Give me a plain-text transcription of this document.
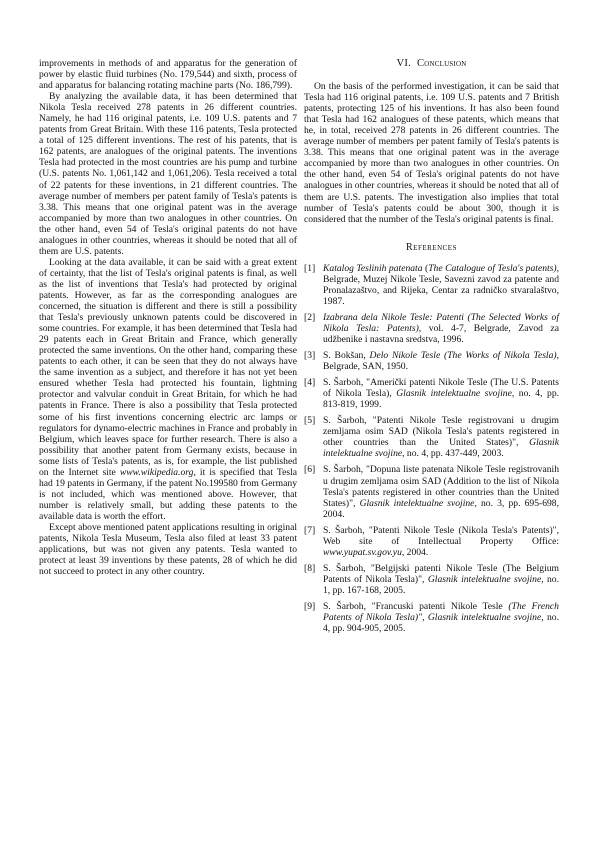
improvements in methods of and apparatus for the generation of power by elastic fluid turbines (No. 179,544) and sixth, process of and apparatus for balancing rotating machine parts (No. 186,799).

By analyzing the available data, it has been determined that Nikola Tesla received 278 patents in 26 different countries. Namely, he had 116 original patents, i.e. 109 U.S. patents and 7 patents from Great Britain. With these 116 patents, Tesla protected a total of 125 different inventions. The rest of his patents, that is 162 patents, are analogues of the original patents. The inventions Tesla had protected in the most countries are his pump and turbine (U.S. patents No. 1,061,142 and 1,061,206). Tesla received a total of 22 patents for these inventions, in 21 different countries. The average number of members per patent family of Tesla's patents is 3.38. This means that one original patent was in the average accompanied by more than two analogues in other countries. On the other hand, even 54 of Tesla's original patents do not have analogues in other countries, whereas it should be noted that all of them are U.S. patents.

Looking at the data available, it can be said with a great extent of certainty, that the list of Tesla's original patents is final, as well as the list of inventions that Tesla's had protected by original patents. However, as far as the corresponding analogues are concerned, the situation is different and there is still a possibility that Tesla's previously unknown patents could be discovered in some countries. For example, it has been determined that Tesla had 29 patents each in Great Britain and France, which generally protected the same inventions. On the other hand, comparing these patents to each other, it can be seen that they do not always have the same invention as a subject, and therefore it has not yet been ensured whether Tesla had protected his fountain, lightning protector and valvular conduit in Great Britain, for which he had patents in France. There is also a possibility that Tesla protected some of his first inventions concerning electric arc lamps or regulators for dynamo-electric machines in France and probably in Belgium, which leaves space for further research. There is also a possibility that another patent from Germany exists, because in some lists of Tesla's patents, as is, for example, the list published on the Internet site www.wikipedia.org, it is specified that Tesla had 19 patents in Germany, if the patent No.199580 from Germany is not included, which was mentioned above. However, that number is relatively small, but adding these patents to the available data is worth the effort.

Except above mentioned patent applications resulting in original patents, Nikola Tesla Museum, Tesla also filed at least 33 patent applications, but was not given any patents. Tesla wanted to protect at least 39 inventions by these patents, 28 of which he did not succeed to protect in any other country.

VI. Conclusion

On the basis of the performed investigation, it can be said that Tesla had 116 original patents, i.e. 109 U.S. patents and 7 British patents, protecting 125 of his inventions. It has also been found that Tesla had 162 analogues of these patents, which means that he, in total, received 278 patents in 26 different countries. The average number of members per patent family of Tesla's patents is 3.38. This means that one original patent was in the average accompanied by more than two analogues in other countries. On the other hand, even 54 of Tesla's original patents do not have analogues in other countries, whereas it should be noted that all of them are U.S. patents. The investigation also implies that total number of Tesla's patents could be about 300, though it is considered that the number of the Tesla's original patents is final.

References
[1] Katalog Teslinih patenata (The Catalogue of Tesla's patents), Belgrade, Muzej Nikole Tesle, Savezni zavod za patente and Pronalazaštvo, and Rijeka, Centar za radničko stvaralaštvo, 1987.
[2] Izabrana dela Nikole Tesle: Patenti (The Selected Works of Nikola Tesla: Patents), vol. 4-7, Belgrade, Zavod za udžbenike i nastavna sredstva, 1996.
[3] S. Bokšan, Delo Nikole Tesle (The Works of Nikola Tesla), Belgrade, SAN, 1950.
[4] S. Šarboh, "Američki patenti Nikole Tesle (The U.S. Patents of Nikola Tesla), Glasnik intelektualne svojine, no. 4, pp. 813-819, 1999.
[5] S. Šarboh, "Patenti Nikole Tesle registrovani u drugim zemljama osim SAD (Nikola Tesla's patents registered in other countries than the United States)", Glasnik intelektualne svojine, no. 4, pp. 437-449, 2003.
[6] S. Šarboh, "Dopuna liste patenata Nikole Tesle registrovanih u drugim zemljama osim SAD (Addition to the list of Nikola Tesla's patents registered in other countries than the United States)", Glasnik intelektualne svojine, no. 3, pp. 695-698, 2004.
[7] S. Šarboh, "Patenti Nikole Tesle (Nikola Tesla's Patents)", Web site of Intellectual Property Office: www.yupat.sv.gov.yu, 2004.
[8] S. Šarboh, "Belgijski patenti Nikole Tesle (The Belgium Patents of Nikola Tesla)", Glasnik intelektualne svojine, no. 1, pp. 167-168, 2005.
[9] S. Šarboh, "Francuski patenti Nikole Tesle (The French Patents of Nikola Tesla)", Glasnik intelektualne svojine, no. 4, pp. 904-905, 2005.
